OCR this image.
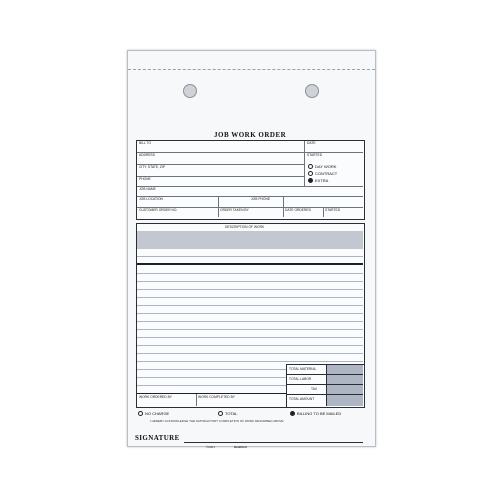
JOB WORK ORDER
BILL TO
ADDRESS
CITY, STATE, ZIP
PHONE
DATE
STARTED
JOB NAME
JOB LOCATION	JOB PHONE
CUSTOMER ORDER NO.	ORDER TAKEN BY	DATE ORDERED	STARTED
DAY WORK
CONTRACT
EXTRA
DESCRIPTION OF WORK
TOTAL MATERIAL
TOTAL LABOR
TAX
TOTAL AMOUNT
WORK ORDERED BY	WORK COMPLETED BY
NO CHARGE	TOTAL	BILLING TO BE MAILED
I HEREBY ACKNOWLEDGE THE SATISFACTORY COMPLETION OF WORK DESCRIBED ABOVE
SIGNATURE
©2001	Rediform
